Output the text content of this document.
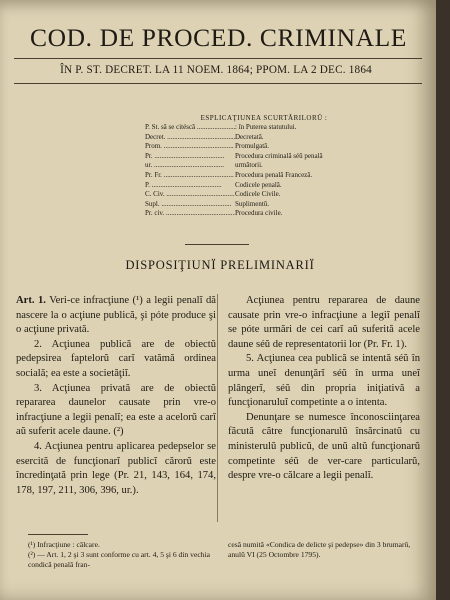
COD. DE PROCED. CRIMINALE
ÎN P. ST. DECRET. LA 11 NOEM. 1864; PPOM. LA 2 DEC. 1864
ESPLICAŢIUNEA SCURTĂRILORŬ :
P. St. să se citéscă .....	: în Puterea statutului.
Decret. .....	Decretată.
Prom. .....	Promulgată.
Pr. .....	Procedura criminală séŭ penală
ur. .....	următorii.
Pr. Fr. .....	Procedura penală Franceză.
P. .....	Codicele penală.
C. Civ. .....	Codicele Civile.
Supl. .....	Suplimentŭ.
Pr. civ. .....	Procedura civile.
DISPOSIŢIUNÏ PRELIMINARIÏ

Art. 1. Veri-ce infracţiune (¹) a legii penalĭ dă nascere la o acţiune publică, şi póte produce şi o acţiune privată.

2. Acţiunea publică are de obiectŭ pedepsirea faptelorŭ carĭ vatămă ordinea socială; ea este a societăţiĭ.

3. Acţiunea privată are de obiectŭ repararea daunelor causate prin vre-o infracţiune a legii penalĭ; ea este a acelorŭ carĭ aŭ suferit acele daune. (²)

4. Acţiunea pentru aplicarea pedepselor se esercită de funcţionarĭ publicĭ cărorŭ este încredinţată prin lege (Pr. 21, 143, 164, 174, 178, 197, 211, 306, 396, ur.).

Acţiunea pentru repararea de daune causate prin vre-o infracţiune a legiĭ penalĭ se póte urmări de cei carĭ aŭ suferită acele daune séŭ de representatorii lor (Pr. Fr. 1).

5. Acţiunea cea publică se intentă séŭ în urma uneĭ denunţărĭ séŭ în urma uneĭ plângerĭ, séŭ din propria iniţiativă a funcţionaruluĭ competinte a o intenta.

Denunţare se numesce înconosciinţarea făcută către funcţionarulŭ însărcinatŭ cu ministerulŭ publicŭ, de unŭ altŭ funcţionarŭ competinte séŭ de ver-care particularŭ, despre vre-o călcare a legii penalĭ.

(¹) Infracţiune : călcare.

(²) — Art. 1, 2 şi 3 sunt conforme cu art. 4, 5 şi 6 din vechia condică penală fran-

cesă numită «Condica de delicte şi pedepse» din 3 brumarŭ, anulŭ VI (25 Octombre 1795).
